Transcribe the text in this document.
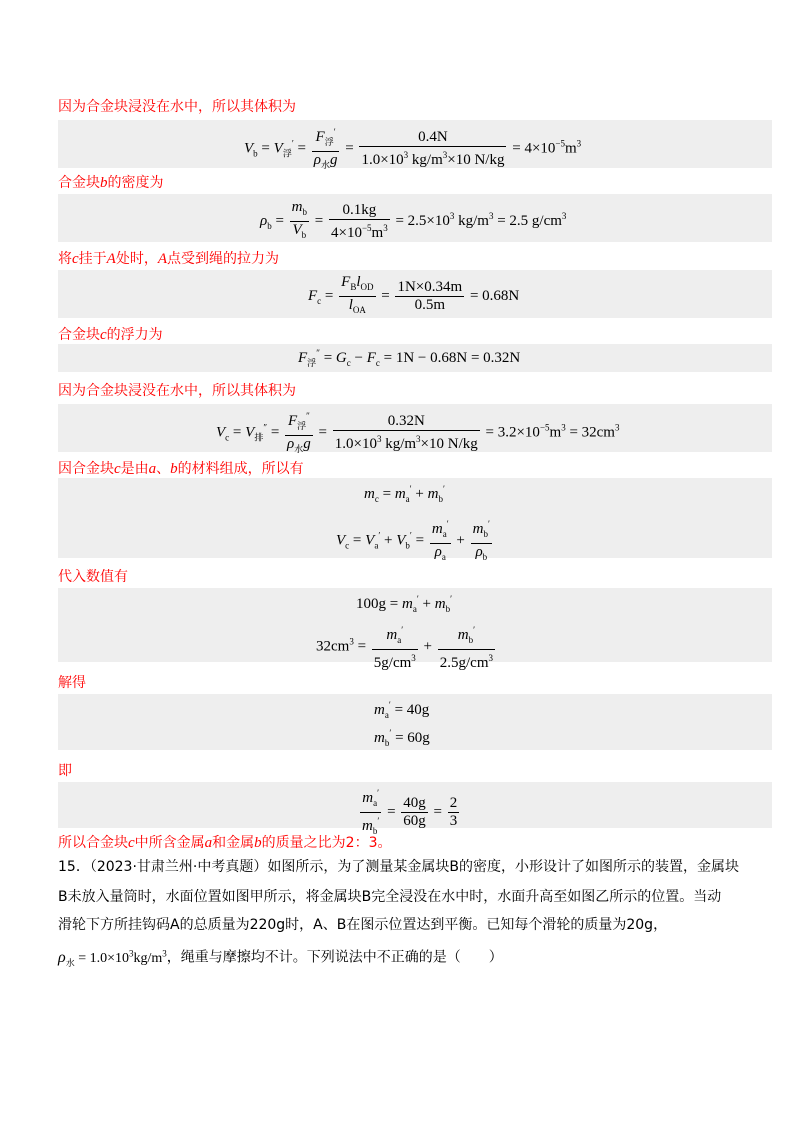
因为合金块浸没在水中，所以其体积为
$V_b = V_浮' = \frac{F_浮'}{\rho_水g} = \frac{0.4N}{1.0\times 10^3 kg/m^3\times 10 N/kg} = 4\times 10^{-5}m^3$
合金块b的密度为
$\rho_b = \frac{m_b}{V_b} = \frac{0.1kg}{4\times 10^{-5}m^3} = 2.5\times 10^3$ $kg/m^3 = 2.5$ $g/cm^3$
将c挂于A处时，A点受到绳的拉力为
$F_c = \frac{F_Bl_{OD}}{l_{OA}} = \frac{1N\times 0.34m}{0.5m} = 0.68N$
合金块c的浮力为
$F_浮'' = G_c - F_c = 1N - 0.68N = 0.32N$
因为合金块浸没在水中，所以其体积为
$V_c = V_排'' = \frac{F_浮''}{\rho_水g} = \frac{0.32N}{1.0\times 10^3 kg/m^3\times 10 N/kg} = 3.2\times 10^{-5}m^3 = 32cm^3$
因合金块c是由a、b的材料组成，所以有
$m_c = m_a' + m_b'$
$V_c = V_a' + V_b' = \frac{m_a'}{\rho_a} + \frac{m_b'}{\rho_b}$
代入数值有
$100g = m_a' + m_b'$
$32cm^3 = \frac{m_a'}{5g/cm^3} + \frac{m_b'}{2.5g/cm^3}$
解得
$m_a' = 40g$
$m_b' = 60g$
即
$\frac{m_a'}{m_b'} = \frac{40g}{60g} = \frac{2}{3}$
所以合金块c中所含金属a和金属b的质量之比为2：3。
15．（2023·甘肃兰州·中考真题）如图所示，为了测量某金属块B的密度，小形设计了如图所示的装置，金属块
B未放入量筒时，水面位置如图甲所示，将金属块B完全浸没在水中时，水面升高至如图乙所示的位置。当动
滑轮下方所挂钩码A的总质量为220g时，A、B在图示位置达到平衡。已知每个滑轮的质量为20g，
$\rho_水 = 1.0\times 10^3kg/m^3$，绳重与摩擦均不计。下列说法中不正确的是（　　）
